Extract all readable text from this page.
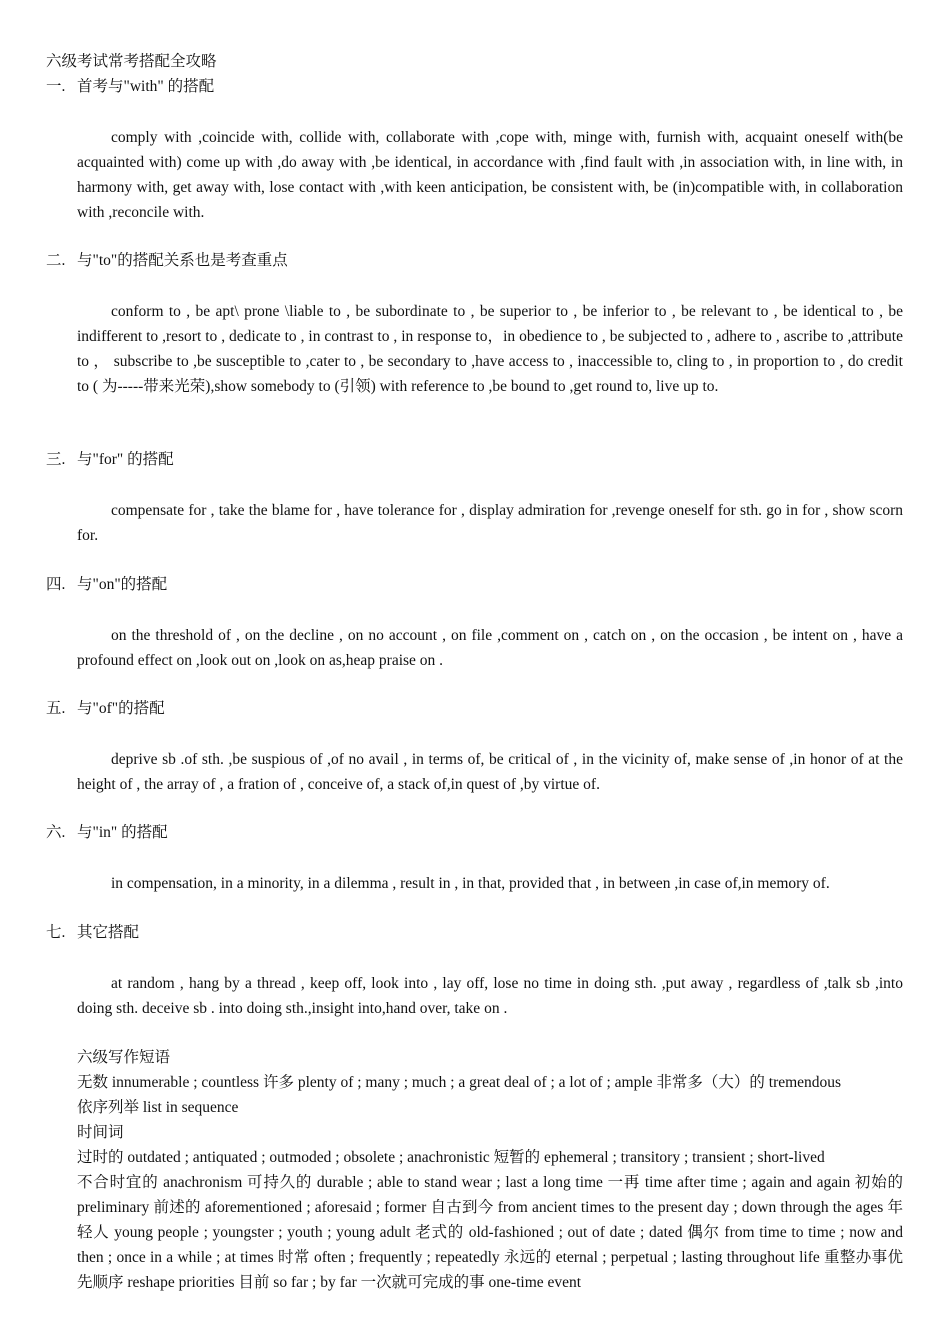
六级考试常考搭配全攻略
一. 首考与"with" 的搭配
comply with ,coincide with, collide with, collaborate with ,cope with, minge with, furnish with, acquaint oneself with(be acquainted with) come up with ,do away with ,be identical, in accordance with ,find fault with ,in association with, in line with, in harmony with, get away with, lose contact with ,with keen anticipation, be consistent with, be (in)compatible with, in collaboration with ,reconcile with.
二. 与"to"的搭配关系也是考查重点
conform to , be apt\ prone \liable to , be subordinate to , be superior to , be inferior to , be relevant to , be identical to , be indifferent to ,resort to , dedicate to , in contrast to , in response to，in obedience to , be subjected to , adhere to , ascribe to ,attribute to ， subscribe to ,be susceptible to ,cater to , be secondary to ,have access to , inaccessible to, cling to , in proportion to , do credit to ( 为-----带来光荣),show somebody to (引领) with reference to ,be bound to ,get round to, live up to.
三. 与"for" 的搭配
compensate for , take the blame for , have tolerance for , display admiration for ,revenge oneself for sth. go in for , show scorn for.
四. 与"on"的搭配
on the threshold of , on the decline , on no account , on file ,comment on , catch on , on the occasion , be intent on , have a profound effect on ,look out on ,look on as,heap praise on .
五. 与"of"的搭配
deprive sb .of sth. ,be suspious of ,of no avail , in terms of, be critical of , in the vicinity of, make sense of ,in honor of at the height of , the array of , a fration of , conceive of, a stack of,in quest of ,by virtue of.
六. 与"in" 的搭配
in compensation, in a minority, in a dilemma , result in , in that, provided that , in between ,in case of,in memory of.
七. 其它搭配
at random , hang by a thread , keep off, look into , lay off, lose no time in doing sth. ,put away , regardless of ,talk sb ,into doing sth. deceive sb . into doing sth.,insight into,hand over, take on .
六级写作短语
无数 innumerable ; countless 许多 plenty of ; many ; much ; a great deal of ; a lot of ; ample 非常多（大）的 tremendous
依序列举 list in sequence
时间词
过时的 outdated ; antiquated ; outmoded ; obsolete ; anachronistic 短暂的 ephemeral ; transitory ; transient ; short-lived
不合时宜的 anachronism 可持久的 durable ; able to stand wear ; last a long time 一再 time after time ; again and again 初始的 preliminary 前述的 aforementioned ; aforesaid ; former 自古到今 from ancient times to the present day ; down through the ages 年轻人 young people ; youngster ; youth ; young adult 老式的 old-fashioned ; out of date ; dated 偶尔 from time to time ; now and then ; once in a while ; at times 时常 often ; frequently ; repeatedly 永远的 eternal ; perpetual ; lasting throughout life 重整办事优先顺序 reshape priorities 目前 so far ; by far 一次就可完成的事 one-time event
